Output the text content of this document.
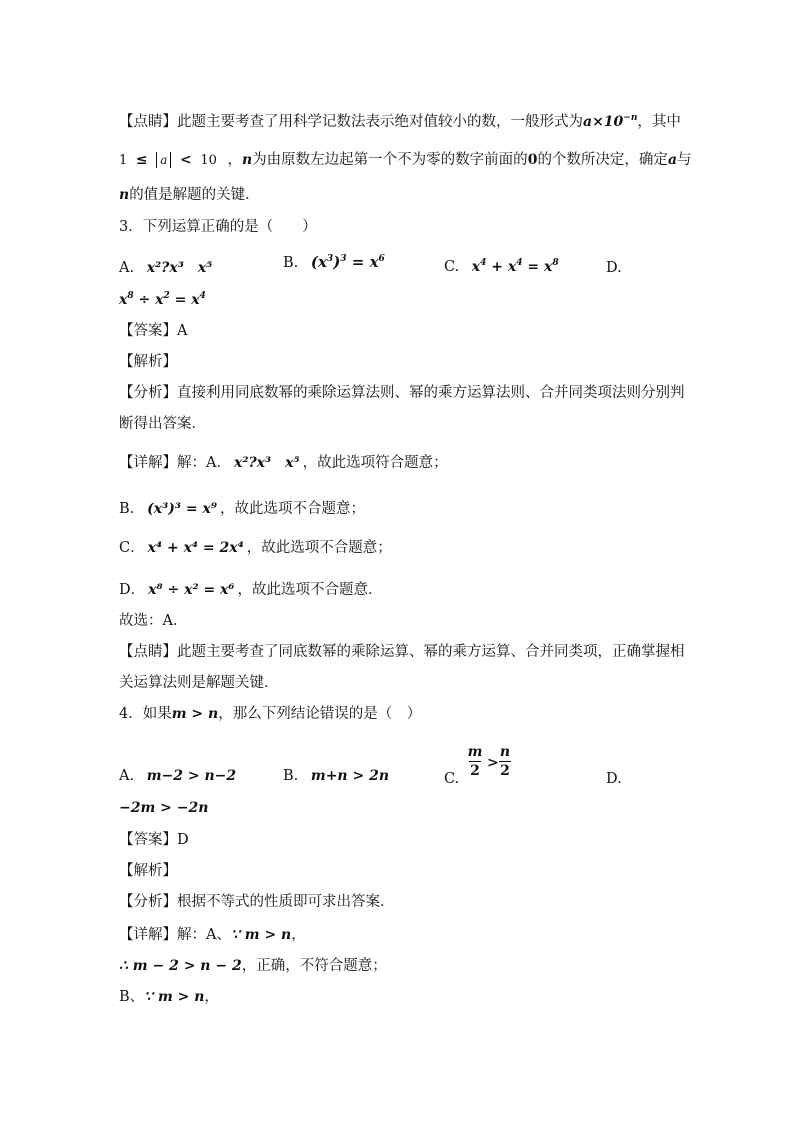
【点睛】此题主要考查了用科学记数法表示绝对值较小的数，一般形式为$a\times 10^{-n}$，其中
1 ≤ a < 10 ，n为由原数左边起第一个不为零的数字前面的0的个数所决定，确定a与
n的值是解题的关键．
3．下列运算正确的是（　　）
A. x²?x³　x⁵	B. $(x^3)^3 = x^6$	C. $x^4 + x^4 = x^8$	D.
$x^8 \div x^2 = x^4$
【答案】A
【解析】
【分析】直接利用同底数幂的乘除运算法则、幂的乘方运算法则、合并同类项法则分别判
断得出答案．
【详解】解：A． x²?x³　x⁵ ，故此选项符合题意；
B． (x³)³ = x⁹ ，故此选项不合题意；
C． x⁴ + x⁴ = 2x⁴ ，故此选项不合题意；
D． x⁸ ÷ x² = x⁶ ，故此选项不合题意．
故选：A．
【点睛】此题主要考查了同底数幂的乘除运算、幂的乘方运算、合并同类项，正确掌握相
关运算法则是解题关键．
4．如果m > n，那么下列结论错误的是（　）
A. m−2 > n−2	B. m+n > 2n	C.
m
2 >
n
2	D.
−2m > −2n
【答案】D
【解析】
【分析】根据不等式的性质即可求出答案．
【详解】解：A、∵ m > n，
∴ m − 2 > n − 2，正确，不符合题意；
B、∵ m > n，
